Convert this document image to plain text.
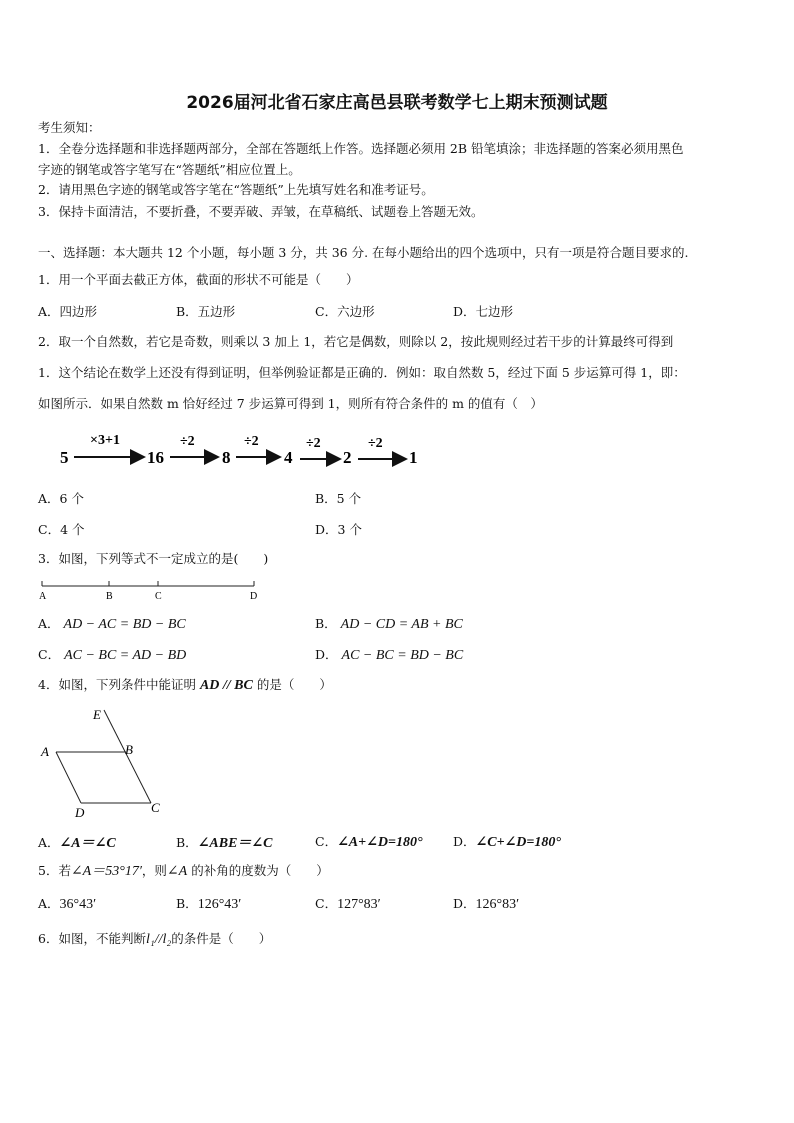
2026届河北省石家庄高邑县联考数学七上期末预测试题
考生须知：
1．全卷分选择题和非选择题两部分，全部在答题纸上作答。选择题必须用 2B 铅笔填涂；非选择题的答案必须用黑色
字迹的钢笔或答字笔写在“答题纸”相应位置上。
2．请用黑色字迹的钢笔或答字笔在“答题纸”上先填写姓名和准考证号。
3．保持卡面清洁，不要折叠，不要弄破、弄皱，在草稿纸、试题卷上答题无效。
一、选择题：本大题共 12 个小题，每小题 3 分，共 36 分. 在每小题给出的四个选项中，只有一项是符合题目要求的.
1．用一个平面去截正方体，截面的形状不可能是（　　）
A．四边形	B．五边形	C．六边形	D．七边形
2．取一个自然数，若它是奇数，则乘以 3 加上 1，若它是偶数，则除以 2，按此规则经过若干步的计算最终可得到
1．这个结论在数学上还没有得到证明，但举例验证都是正确的．例如：取自然数 5，经过下面 5 步运算可得 1，即：
如图所示．如果自然数 m 恰好经过 7 步运算可得到 1，则所有符合条件的 m 的值有（　）
5	16	8	4	2	1
×3+1	÷2	÷2	÷2	÷2
A．6 个	B．5 个
C．4 个	D．3 个
3．如图，下列等式不一定成立的是(　　)
A	B	C	D
A． AD − AC = BD − BC	B． AD − CD = AB + BC
C． AC − BC = AD − BD	D． AC − BC = BD − BC
4．如图，下列条件中能证明 AD // BC 的是（　　）
E
A	B
D	C
A．∠A＝∠C	B．∠ABE＝∠C	C．∠A+∠D=180° D．∠C+∠D=180°
5．若∠A＝53°17′，则∠A 的补角的度数为（　　）
A．36°43′	B．126°43′	C．127°83′	D．126°83′
6．如图，不能判断l₁//l₂的条件是（　　）
